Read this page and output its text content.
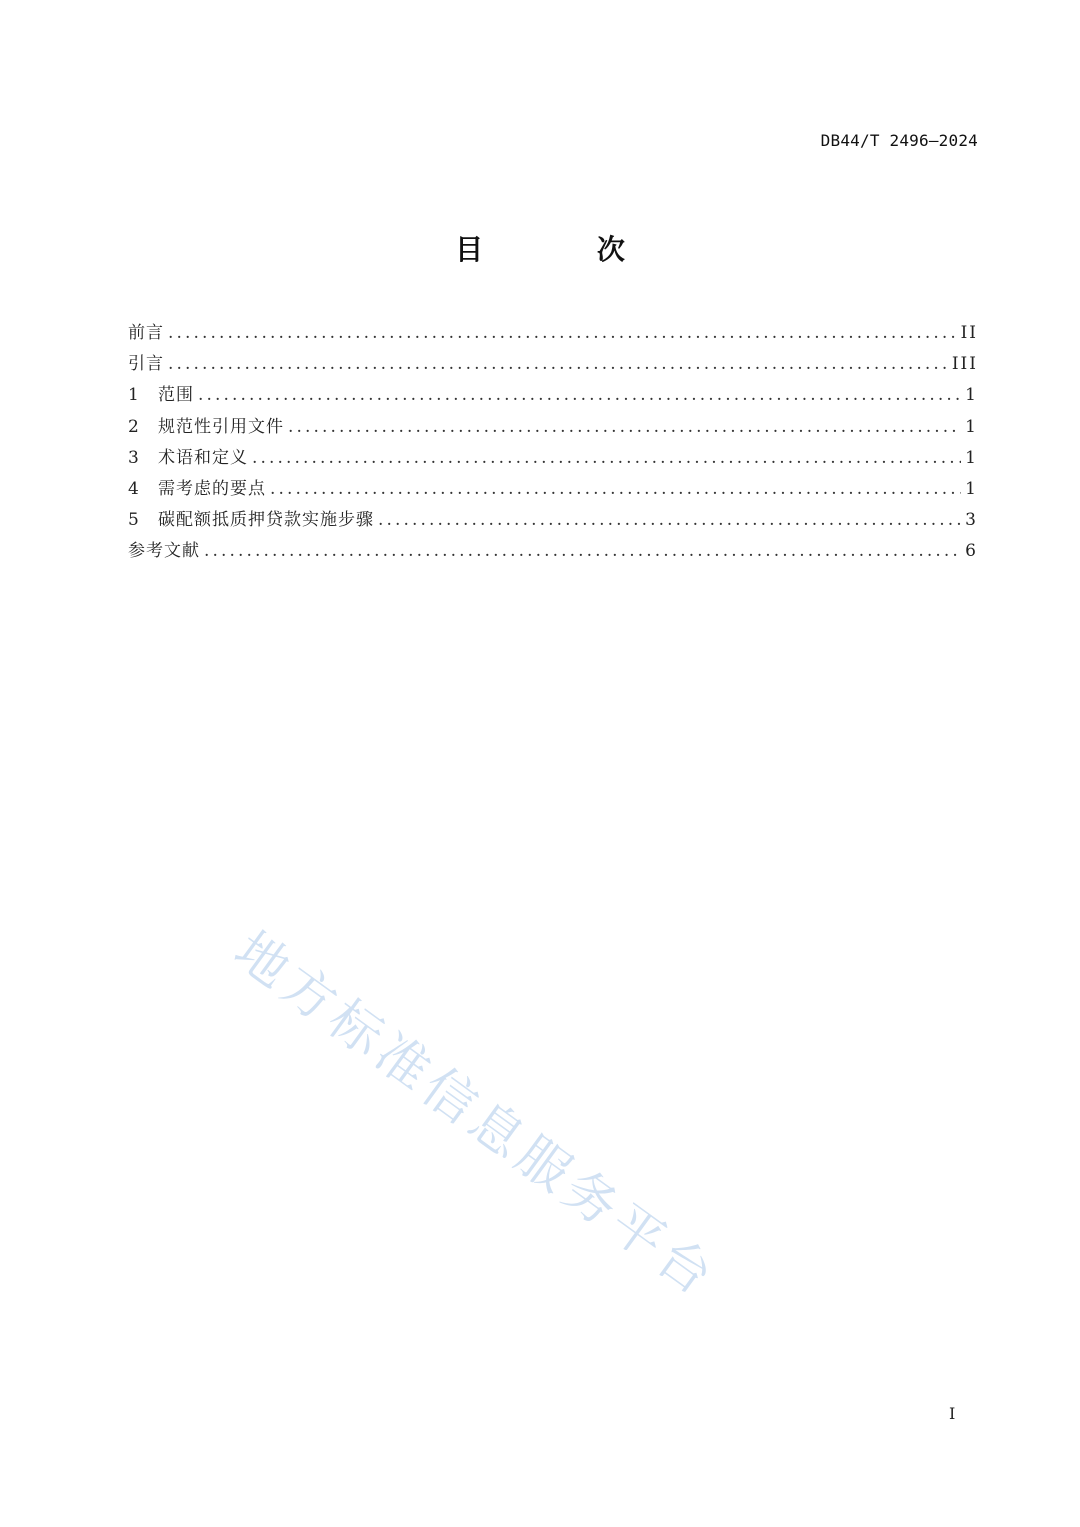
DB44/T 2496—2024
目 次
前言 .....	II
引言 .....	III
1	范围 .....	1
2	规范性引用文件 .....	1
3	术语和定义 .....	1
4	需考虑的要点 .....	1
5	碳配额抵质押贷款实施步骤 .....	3
参考文献 .....	6
地方标准信息服务平台
I
